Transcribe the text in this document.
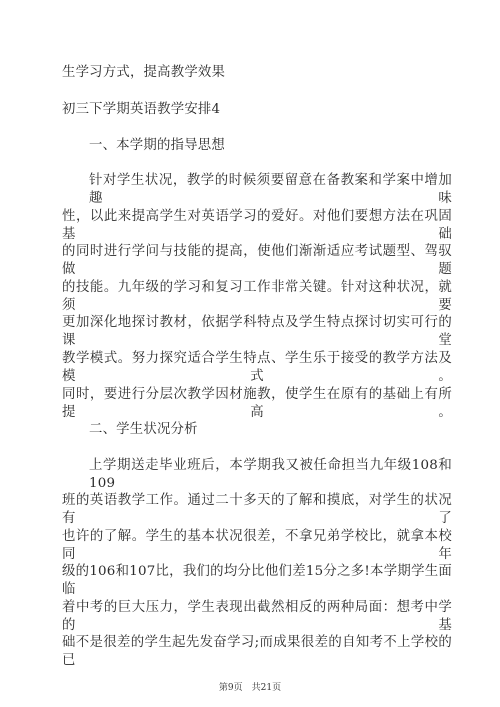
生学习方式，提高教学效果
初三下学期英语教学安排4
一、本学期的指导思想
针对学生状况，教学的时候须要留意在备教案和学案中增加趣味
性，以此来提高学生对英语学习的爱好。对他们要想方法在巩固基础
的同时进行学问与技能的提高，使他们渐渐适应考试题型、驾驭做题
的技能。九年级的学习和复习工作非常关键。针对这种状况，就须要
更加深化地探讨教材，依据学科特点及学生特点探讨切实可行的课堂
教学模式。努力探究适合学生特点、学生乐于接受的教学方法及模式。
同时，要进行分层次教学因材施教，使学生在原有的基础上有所提高。
二、学生状况分析
上学期送走毕业班后，本学期我又被任命担当九年级108和109
班的英语教学工作。通过二十多天的了解和摸底，对学生的状况有了
也许的了解。学生的基本状况很差，不拿兄弟学校比，就拿本校同年
级的106和107比，我们的均分比他们差15分之多!本学期学生面临
着中考的巨大压力，学生表现出截然相反的两种局面：想考中学的基
础不是很差的学生起先发奋学习;而成果很差的自知考不上学校的已
第9页　共21页
